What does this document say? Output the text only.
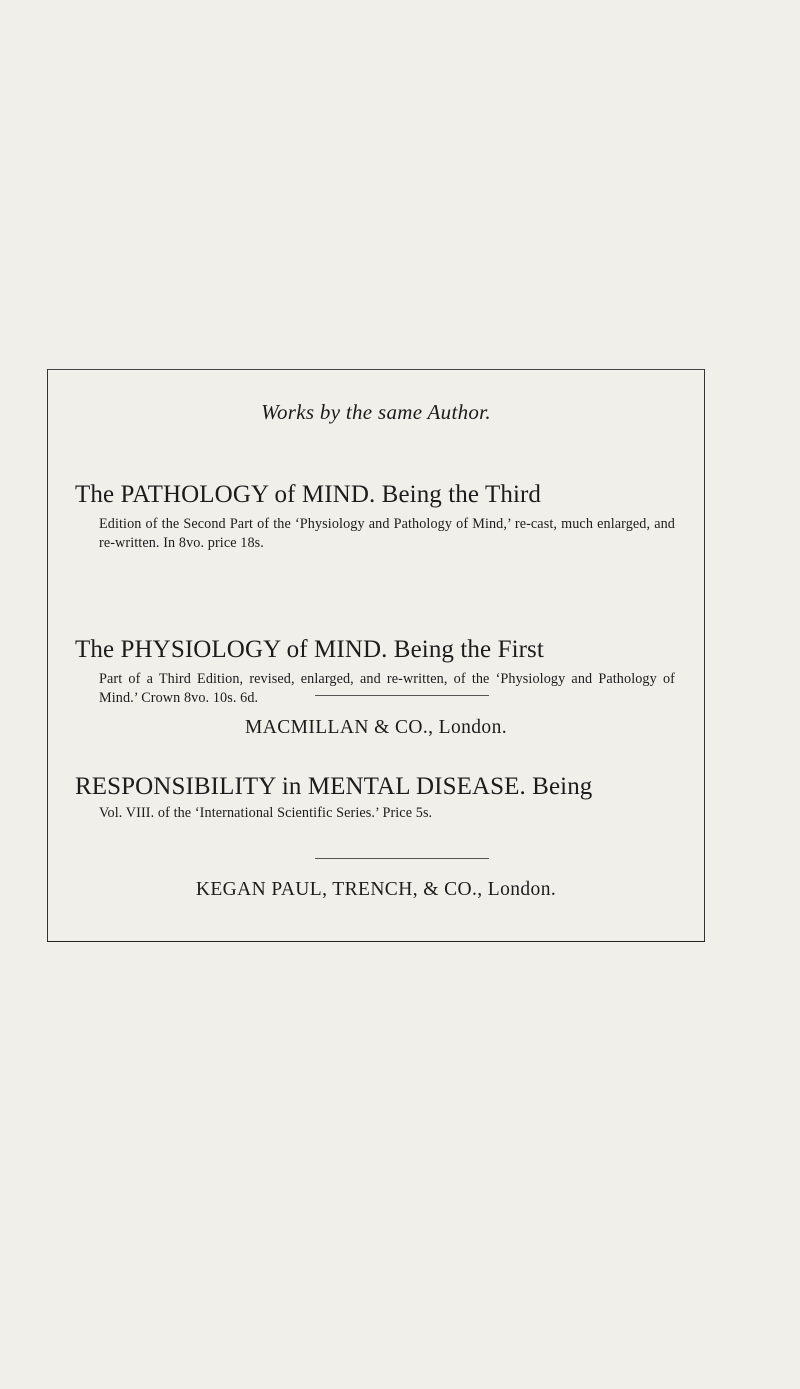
Works by the same Author.
The PATHOLOGY of MIND. Being the Third
Edition of the Second Part of the ‘Physiology and Pathology of Mind,’ re-cast, much enlarged, and re-written. In 8vo. price 18s.
The PHYSIOLOGY of MIND. Being the First
Part of a Third Edition, revised, enlarged, and re-written, of the ‘Physiology and Pathology of Mind.’ Crown 8vo. 10s. 6d.
MACMILLAN & CO., London.
RESPONSIBILITY in MENTAL DISEASE. Being
Vol. VIII. of the ‘International Scientific Series.’ Price 5s.
KEGAN PAUL, TRENCH, & CO., London.
